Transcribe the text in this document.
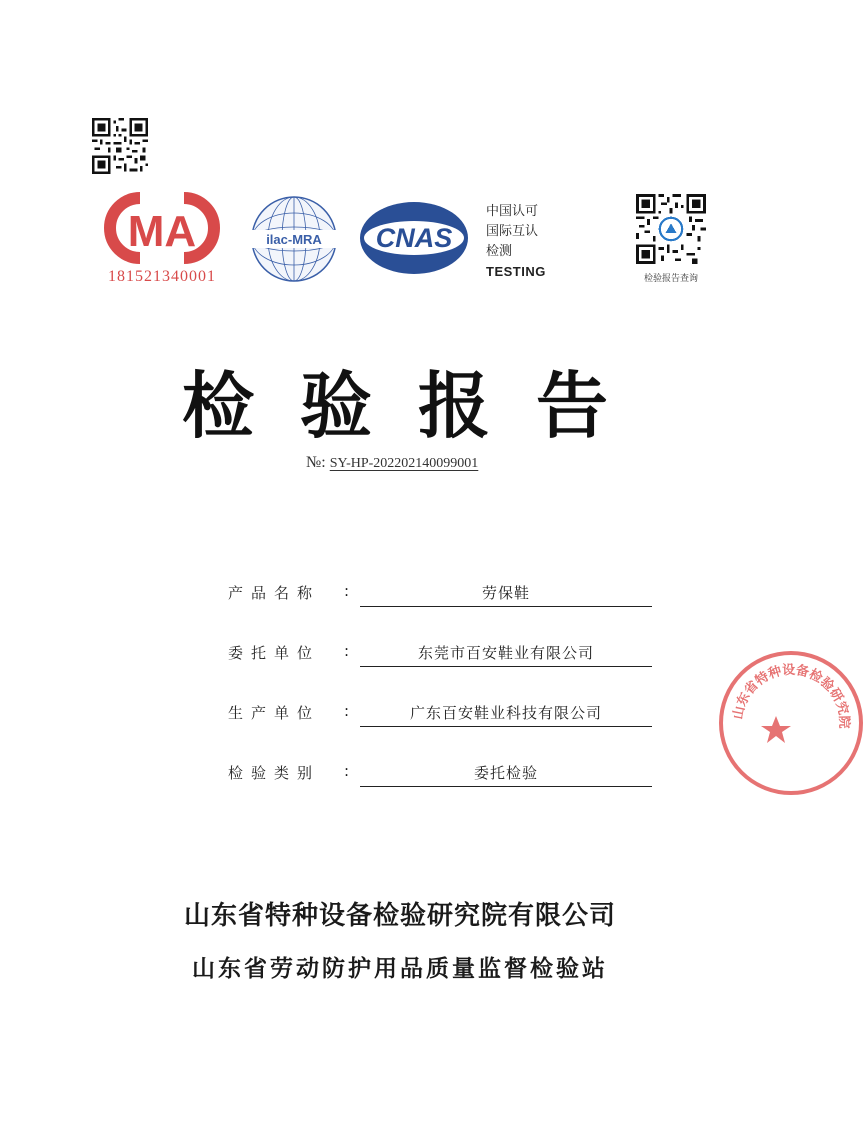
MA
181521340001
ilac-MRA CNAS
中国认可
国际互认
检测
TESTING	检验报告查询
检验报告
№: SY-HP-202202140099001
产品名称 :	劳保鞋
委托单位 :	东莞市百安鞋业有限公司
生产单位 :	广东百安鞋业科技有限公司
检验类别 :	委托检验
山东省特种设备检验研究院
山东省特种设备检验研究院有限公司
山东省劳动防护用品质量监督检验站
